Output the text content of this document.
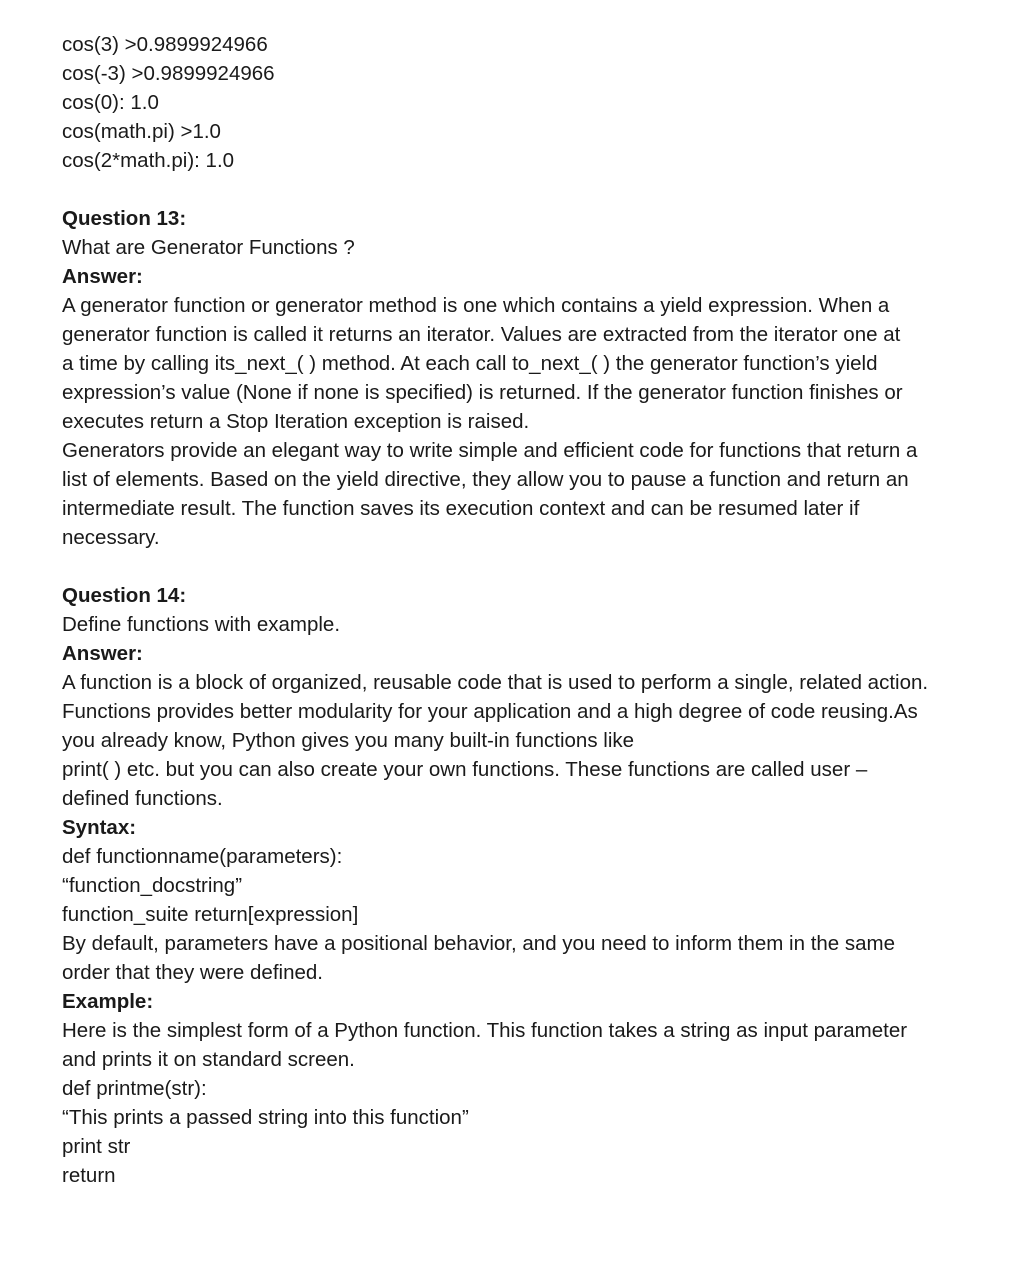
cos(3) >0.9899924966
cos(-3) >0.9899924966
cos(0): 1.0
cos(math.pi) >1.0
cos(2*math.pi): 1.0
Question 13:
What are Generator Functions ?
Answer:
A generator function or generator method is one which contains a yield expression. When a
generator function is called it returns an iterator. Values are extracted from the iterator one at
a time by calling its_next_( ) method. At each call to_next_( ) the generator function’s yield
expression’s value (None if none is specified) is returned. If the generator function finishes or
executes return a Stop Iteration exception is raised.
Generators provide an elegant way to write simple and efficient code for functions that return a
list of elements. Based on the yield directive, they allow you to pause a function and return an
intermediate result. The function saves its execution context and can be resumed later if
necessary.
Question 14:
Define functions with example.
Answer:
A function is a block of organized, reusable code that is used to perform a single, related action.
Functions provides better modularity for your application and a high degree of code reusing.As
you already know, Python gives you many built-in functions like
print( ) etc. but you can also create your own functions. These functions are called user –
defined functions.
Syntax:
def functionname(parameters):
“function_docstring”
function_suite return[expression]
By default, parameters have a positional behavior, and you need to inform them in the same
order that they were defined.
Example:
Here is the simplest form of a Python function. This function takes a string as input parameter
and prints it on standard screen.
def printme(str):
“This prints a passed string into this function”
print str
return
